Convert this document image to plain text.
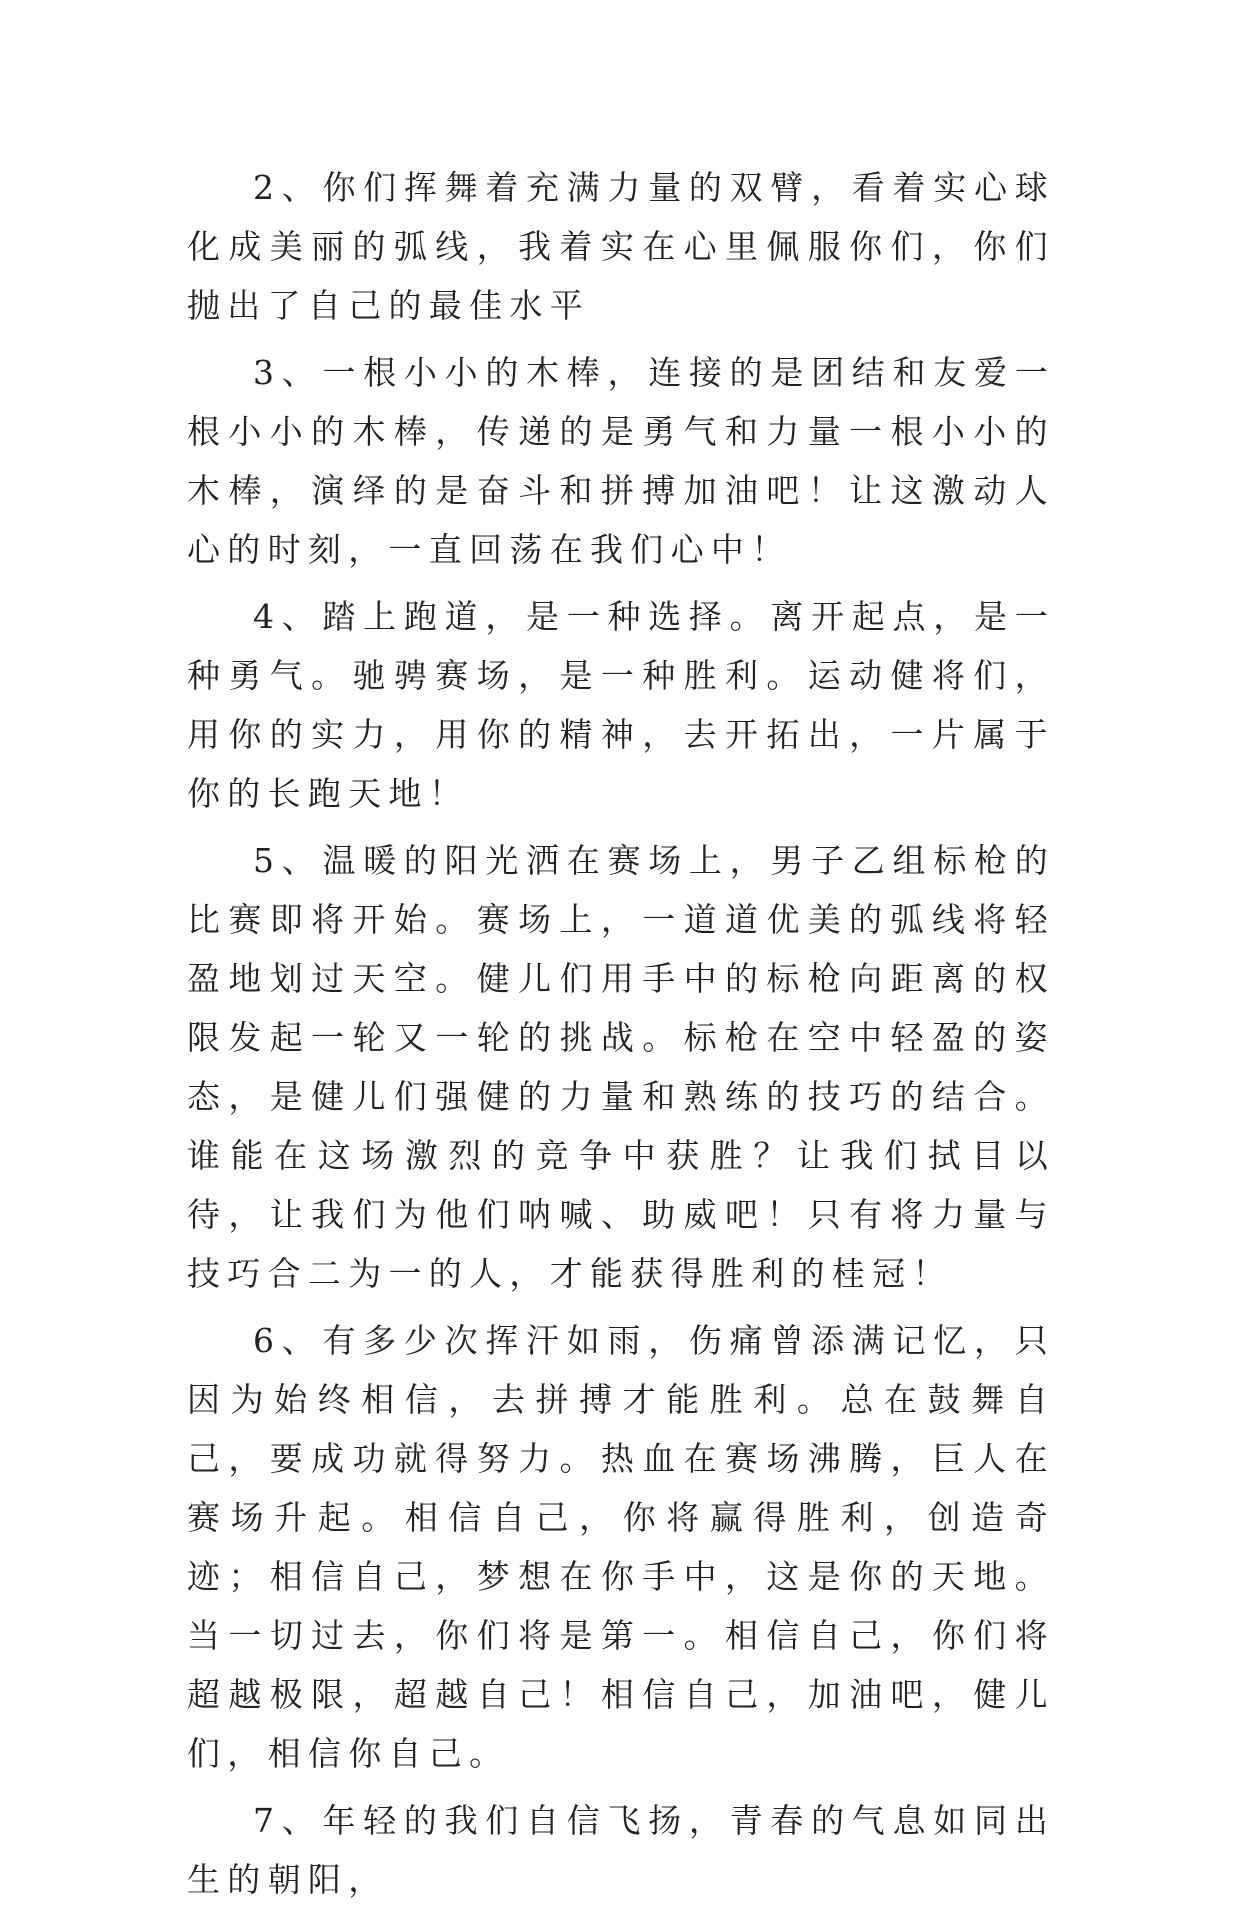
2、你们挥舞着充满力量的双臂，看着实心球化成美丽的弧线，我着实在心里佩服你们，你们抛出了自己的最佳水平

3、一根小小的木棒，连接的是团结和友爱一根小小的木棒，传递的是勇气和力量一根小小的木棒，演绎的是奋斗和拼搏加油吧！让这激动人心的时刻，一直回荡在我们心中！

4、踏上跑道，是一种选择。离开起点，是一种勇气。驰骋赛场，是一种胜利。运动健将们，用你的实力，用你的精神，去开拓出，一片属于你的长跑天地！

5、温暖的阳光洒在赛场上，男子乙组标枪的比赛即将开始。赛场上，一道道优美的弧线将轻盈地划过天空。健儿们用手中的标枪向距离的权限发起一轮又一轮的挑战。标枪在空中轻盈的姿态，是健儿们强健的力量和熟练的技巧的结合。谁能在这场激烈的竞争中获胜？让我们拭目以待，让我们为他们呐喊、助威吧！只有将力量与技巧合二为一的人，才能获得胜利的桂冠！

6、有多少次挥汗如雨，伤痛曾添满记忆，只因为始终相信，去拼搏才能胜利。总在鼓舞自己，要成功就得努力。热血在赛场沸腾，巨人在赛场升起。相信自己，你将赢得胜利，创造奇迹；相信自己，梦想在你手中，这是你的天地。当一切过去，你们将是第一。相信自己，你们将超越极限，超越自己！相信自己，加油吧，健儿们，相信你自己。

7、年轻的我们自信飞扬，青春的气息如同出生的朝阳，
